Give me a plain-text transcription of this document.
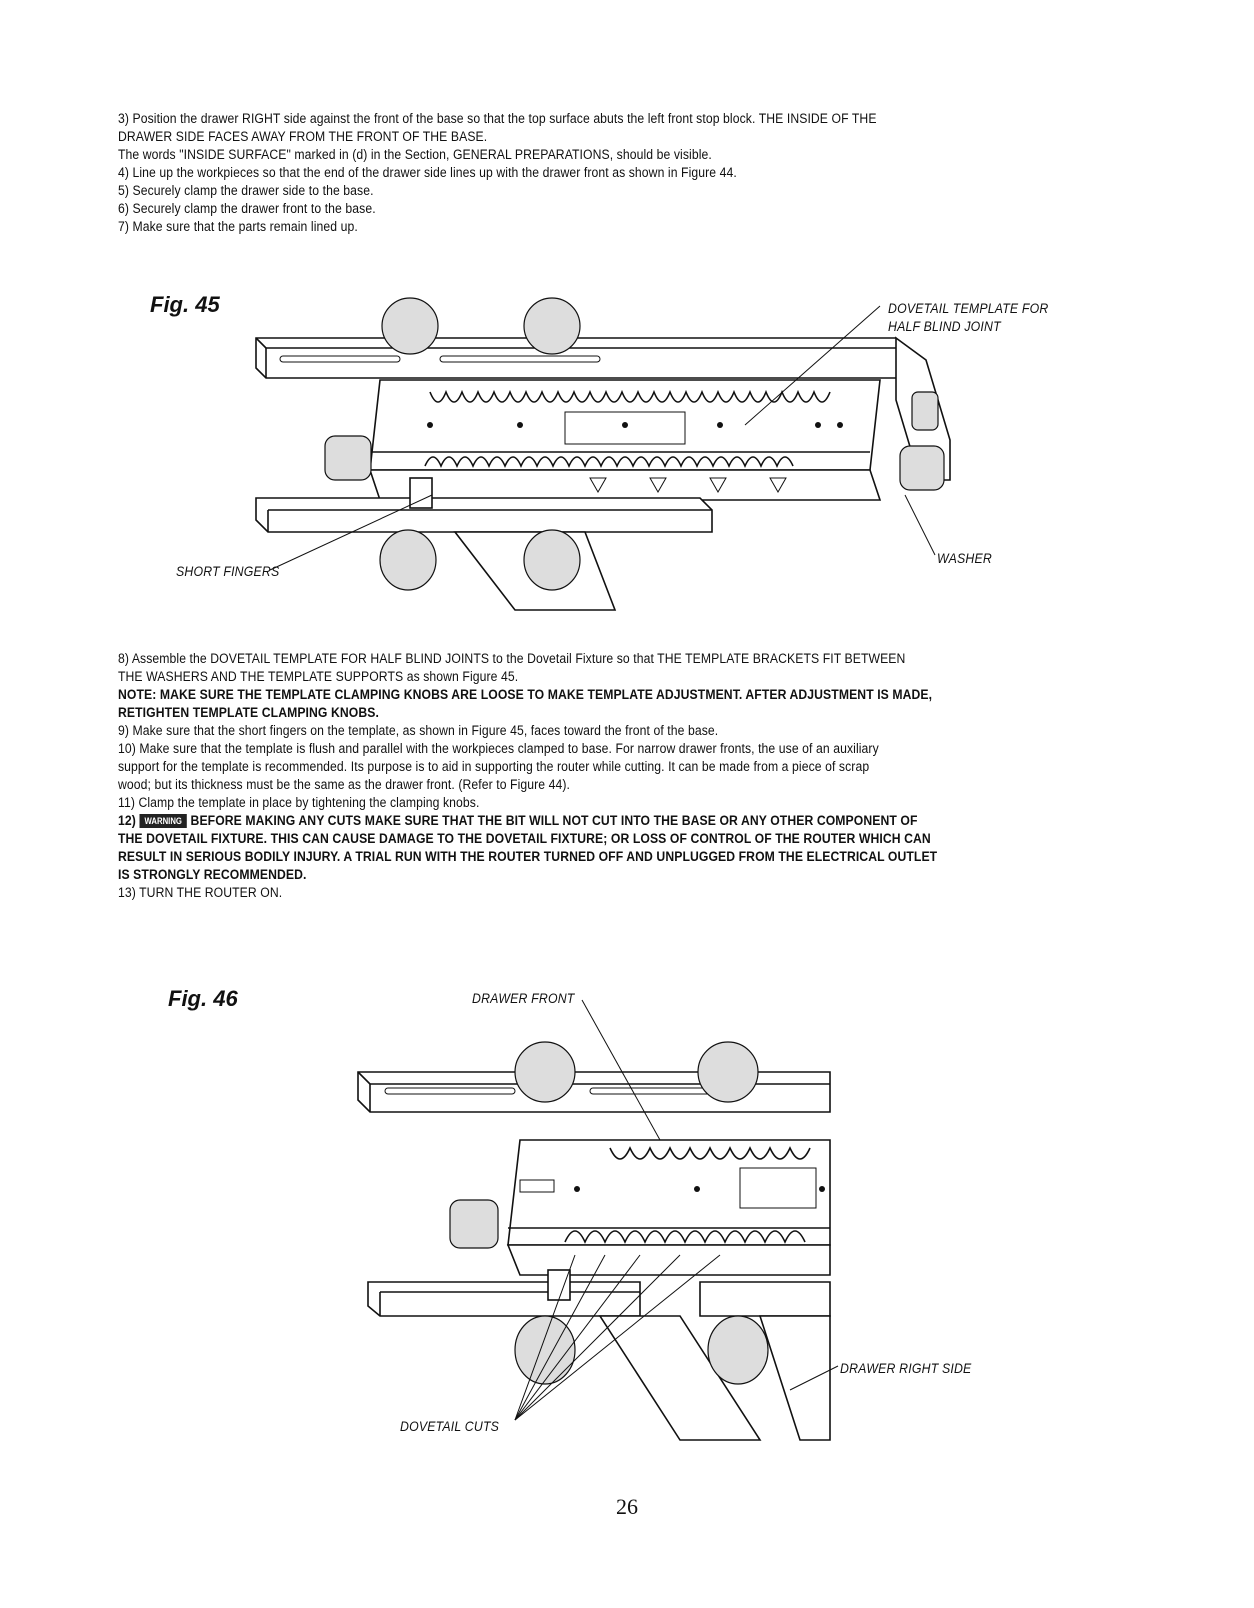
3) Position the drawer RIGHT side against the front of the base so that the top surface abuts the left front stop block. THE INSIDE OF THE

DRAWER SIDE FACES AWAY FROM THE FRONT OF THE BASE.

The words "INSIDE SURFACE" marked in (d) in the Section, GENERAL PREPARATIONS, should be visible.

4) Line up the workpieces so that the end of the drawer side lines up with the drawer front as shown in Figure 44.

5) Securely clamp the drawer side to the base.

6) Securely clamp the drawer front to the base.

7) Make sure that the parts remain lined up.

Fig. 45	DOVETAIL TEMPLATE FOR
HALF BLIND JOINT
SHORT FINGERS
WASHER

8) Assemble the DOVETAIL TEMPLATE FOR HALF BLIND JOINTS to the Dovetail Fixture so that THE TEMPLATE BRACKETS FIT BETWEEN

THE WASHERS AND THE TEMPLATE SUPPORTS as shown Figure 45.

NOTE: MAKE SURE THE TEMPLATE CLAMPING KNOBS ARE LOOSE TO MAKE TEMPLATE ADJUSTMENT. AFTER ADJUSTMENT IS MADE,

RETIGHTEN TEMPLATE CLAMPING KNOBS.

9) Make sure that the short fingers on the template, as shown in Figure 45, faces toward the front of the base.

10) Make sure that the template is flush and parallel with the workpieces clamped to base. For narrow drawer fronts, the use of an auxiliary

support for the template is recommended. Its purpose is to aid in supporting the router while cutting. It can be made from a piece of scrap

wood; but its thickness must be the same as the drawer front. (Refer to Figure 44).

11) Clamp the template in place by tightening the clamping knobs.

12) WARNING BEFORE MAKING ANY CUTS MAKE SURE THAT THE BIT WILL NOT CUT INTO THE BASE OR ANY OTHER COMPONENT OF

THE DOVETAIL FIXTURE. THIS CAN CAUSE DAMAGE TO THE DOVETAIL FIXTURE; OR LOSS OF CONTROL OF THE ROUTER WHICH CAN

RESULT IN SERIOUS BODILY INJURY. A TRIAL RUN WITH THE ROUTER TURNED OFF AND UNPLUGGED FROM THE ELECTRICAL OUTLET

IS STRONGLY RECOMMENDED.

13) TURN THE ROUTER ON.

Fig. 46	DRAWER FRONT
DRAWER RIGHT SIDE
DOVETAIL CUTS
26
